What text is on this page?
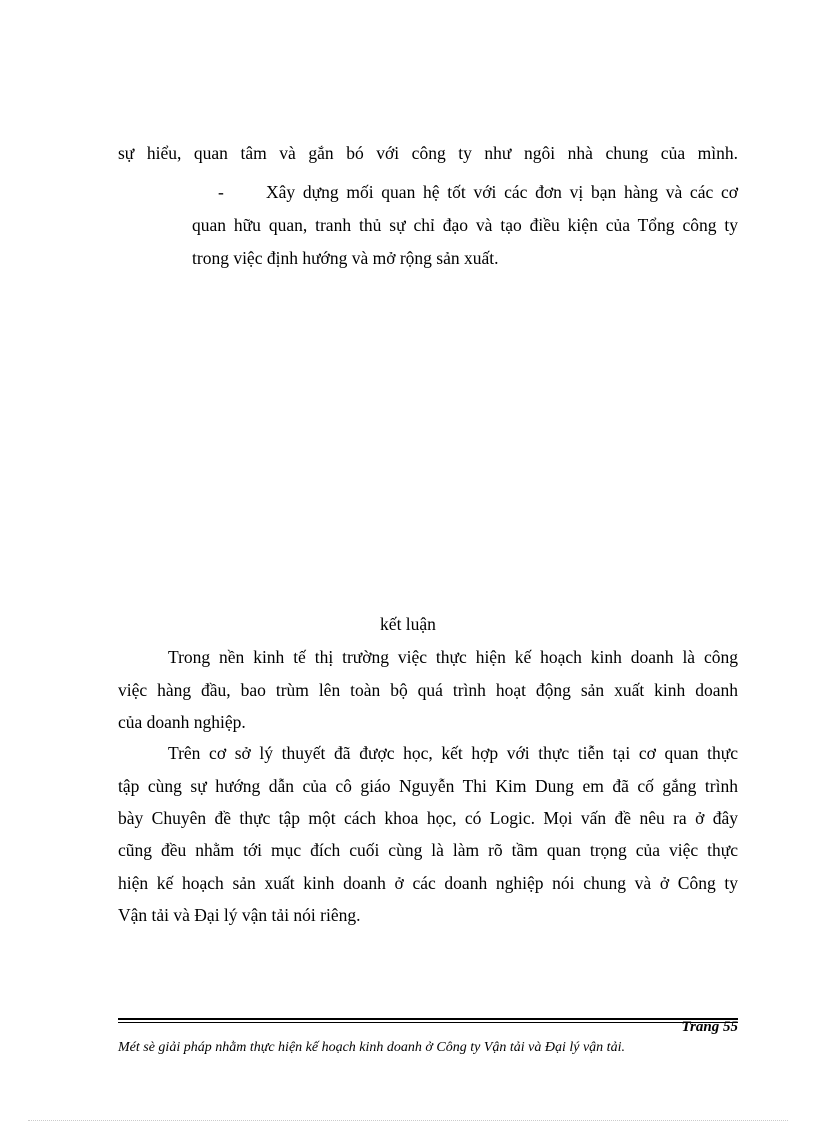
sự hiểu, quan tâm và gắn bó với công ty như ngôi nhà chung của mình.
- Xây dựng mối quan hệ tốt với các đơn vị bạn hàng và các cơ
quan hữu quan, tranh thủ sự chỉ đạo và tạo điều kiện của Tổng công ty
trong việc định hướng và mở rộng sản xuất.
kết luận
Trong nền kinh tế thị trường việc thực hiện kế hoạch kinh doanh là công
việc hàng đầu, bao trùm lên toàn bộ quá trình hoạt động sản xuất kinh doanh
của doanh nghiệp.
Trên cơ sở lý thuyết đã được học, kết hợp với thực tiễn tại cơ quan thực
tập cùng sự hướng dẫn của cô giáo Nguyễn Thi Kim Dung em đã cố gắng trình
bày Chuyên đề thực tập một cách khoa học, có Logic. Mọi vấn đề nêu ra ở đây
cũng đều nhằm tới mục đích cuối cùng là làm rõ tầm quan trọng của việc thực
hiện kế hoạch sản xuất kinh doanh ở các doanh nghiệp nói chung và ở Công ty
Vận tải và Đại lý vận tải nói riêng.
Trang 55
Mét sè giải pháp nhằm thực hiện kế hoạch kinh doanh ở Công ty Vận tải và Đại lý vận tải.
